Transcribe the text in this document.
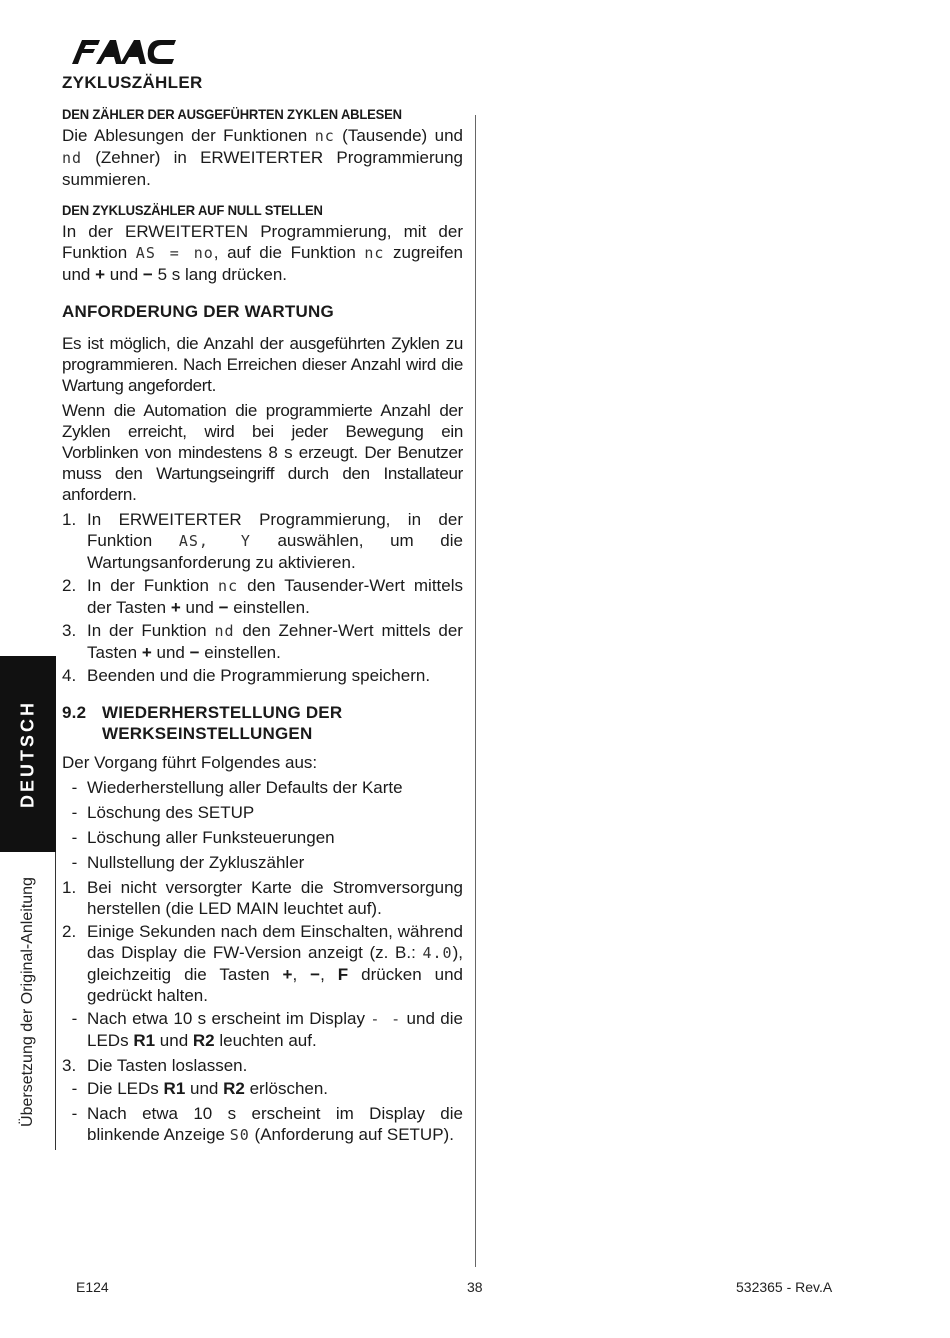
ZYKLUSZÄHLER
DEN ZÄHLER DER AUSGEFÜHRTEN ZYKLEN ABLESEN
Die Ablesungen der Funktionen nc (Tausende) und nd (Zehner) in ERWEITERTER Programmierung summieren.
DEN ZYKLUSZÄHLER AUF NULL STELLEN
In der ERWEITERTEN Programmierung, mit der Funktion AS = no, auf die Funktion nc zugreifen und + und − 5 s lang drücken.
ANFORDERUNG DER WARTUNG
Es ist möglich, die Anzahl der ausgeführten Zyklen zu programmieren. Nach Erreichen dieser Anzahl wird die Wartung angefordert.
Wenn die Automation die programmierte Anzahl der Zyklen erreicht, wird bei jeder Bewegung ein Vorblinken von mindestens 8 s erzeugt. Der Benutzer muss den Wartungseingriff durch den Installateur anfordern.
1. In ERWEITERTER Programmierung, in der Funktion AS, Y auswählen, um die Wartungsanforderung zu aktivieren.
2. In der Funktion nc den Tausender-Wert mittels der Tasten + und − einstellen.
3. In der Funktion nd den Zehner-Wert mittels der Tasten + und − einstellen.
4. Beenden und die Programmierung speichern.
9.2 WIEDERHERSTELLUNG DER WERKSEINSTELLUNGEN
Der Vorgang führt Folgendes aus:
- Wiederherstellung aller Defaults der Karte
- Löschung des SETUP
- Löschung aller Funksteuerungen
- Nullstellung der Zykluszähler
1. Bei nicht versorgter Karte die Stromversorgung herstellen (die LED MAIN leuchtet auf).
2. Einige Sekunden nach dem Einschalten, während das Display die FW-Version anzeigt (z. B.: 4.0), gleichzeitig die Tasten +, −, F drücken und gedrückt halten.
- Nach etwa 10 s erscheint im Display - - und die LEDs R1 und R2 leuchten auf.
3. Die Tasten loslassen.
- Die LEDs R1 und R2 erlöschen.
- Nach etwa 10 s erscheint im Display die blinkende Anzeige S0 (Anforderung auf SETUP).
DEUTSCH
Übersetzung der Original-Anleitung
E124	38	532365 - Rev.A
